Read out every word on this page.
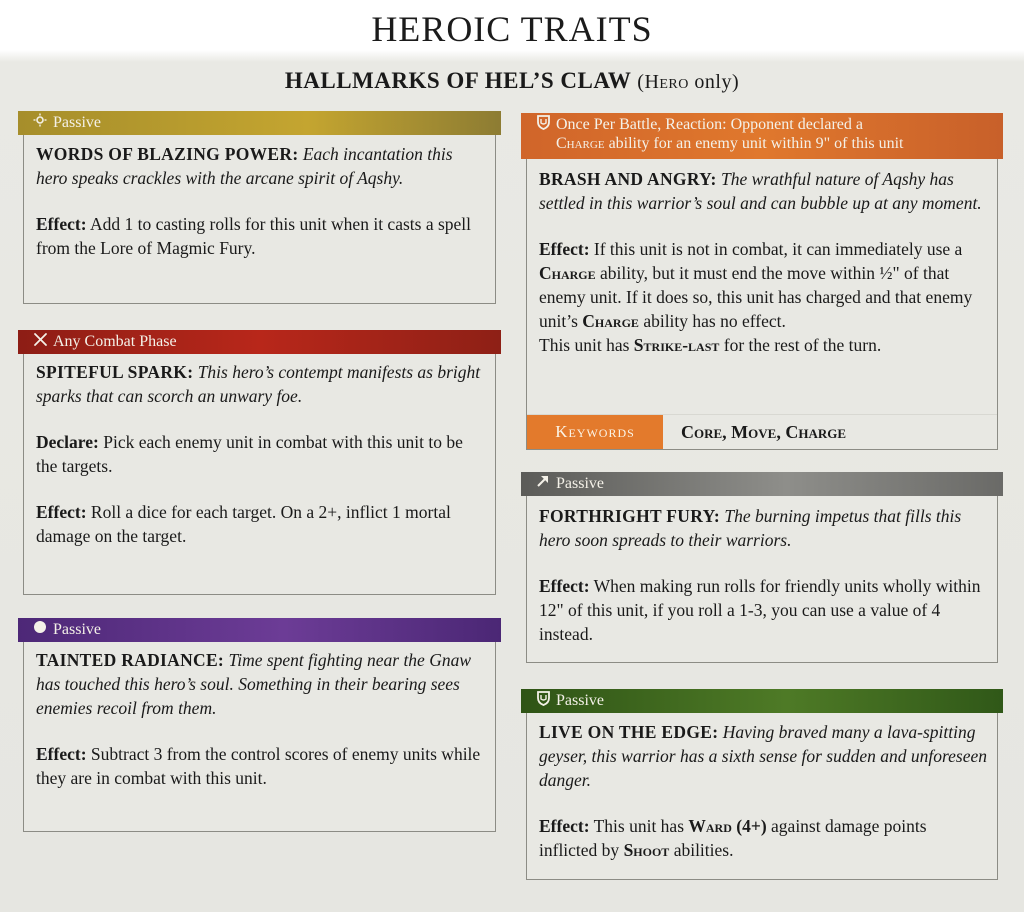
HEROIC TRAITS
HALLMARKS OF HEL’S CLAW (Hero only)
Passive

WORDS OF BLAZING POWER: Each incantation this hero speaks crackles with the arcane spirit of Aqshy.

Effect: Add 1 to casting rolls for this unit when it casts a spell from the Lore of Magmic Fury.

Any Combat Phase

SPITEFUL SPARK: This hero’s contempt manifests as bright sparks that can scorch an unwary foe.

Declare: Pick each enemy unit in combat with this unit to be the targets.

Effect: Roll a dice for each target. On a 2+, inflict 1 mortal damage on the target.

Passive

TAINTED RADIANCE: Time spent fighting near the Gnaw has touched this hero’s soul. Something in their bearing sees enemies recoil from them.

Effect: Subtract 3 from the control scores of enemy units while they are in combat with this unit.

Once Per Battle, Reaction: Opponent declared a
Charge ability for an enemy unit within 9" of this unit

BRASH AND ANGRY: The wrathful nature of Aqshy has settled in this warrior’s soul and can bubble up at any moment.

Effect: If this unit is not in combat, it can immediately use a Charge ability, but it must end the move within ½" of that enemy unit. If it does so, this unit has charged and that enemy unit’s Charge ability has no effect.

This unit has Strike-last for the rest of the turn.

Keywords	Core, Move, Charge
Passive

FORTHRIGHT FURY: The burning impetus that fills this hero soon spreads to their warriors.

Effect: When making run rolls for friendly units wholly within 12" of this unit, if you roll a 1-3, you can use a value of 4 instead.

Passive

LIVE ON THE EDGE: Having braved many a lava-spitting geyser, this warrior has a sixth sense for sudden and unforeseen danger.

Effect: This unit has Ward (4+) against damage points inflicted by Shoot abilities.
